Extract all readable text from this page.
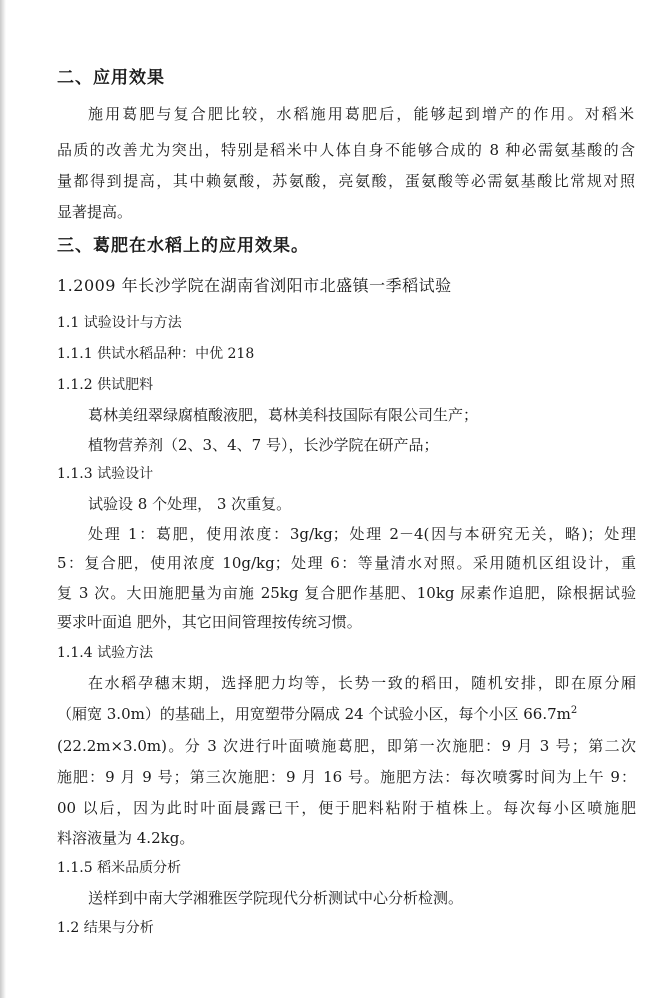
二、应用效果
施用葛肥与复合肥比较，水稻施用葛肥后，能够起到增产的作用。对稻米
品质的改善尤为突出，特别是稻米中人体自身不能够合成的 8 种必需氨基酸的含
量都得到提高，其中赖氨酸，苏氨酸，亮氨酸，蛋氨酸等必需氨基酸比常规对照
显著提高。
三、葛肥在水稻上的应用效果。
1.2009 年长沙学院在湖南省浏阳市北盛镇一季稻试验
1.1 试验设计与方法
1.1.1 供试水稻品种：中优 218
1.1.2 供试肥料
葛林美纽翠绿腐植酸液肥，葛林美科技国际有限公司生产；
植物营养剂（2、3、4、7 号），长沙学院在研产品；
1.1.3 试验设计
试验设 8 个处理， 3 次重复。
处理 1：葛肥，使用浓度：3g/kg；处理 2－4(因与本研究无关，略)；处理
5：复合肥，使用浓度 10g/kg；处理 6：等量清水对照。采用随机区组设计，重
复 3 次。大田施肥量为亩施 25kg 复合肥作基肥、10kg 尿素作追肥，除根据试验
要求叶面追 肥外，其它田间管理按传统习惯。
1.1.4 试验方法
在水稻孕穗末期，选择肥力均等，长势一致的稻田，随机安排，即在原分厢
（厢宽 3.0m）的基础上，用宽塑带分隔成 24 个试验小区，每个小区 $66.7m^2$
(22.2m×3.0m)。分 3 次进行叶面喷施葛肥，即第一次施肥：9 月 3 号；第二次
施肥：9 月 9 号；第三次施肥：9 月 16 号。施肥方法：每次喷雾时间为上午 9：
00 以后，因为此时叶面晨露已干，便于肥料粘附于植株上。每次每小区喷施肥
料溶液量为 4.2kg。
1.1.5 稻米品质分析
送样到中南大学湘雅医学院现代分析测试中心分析检测。
1.2 结果与分析
